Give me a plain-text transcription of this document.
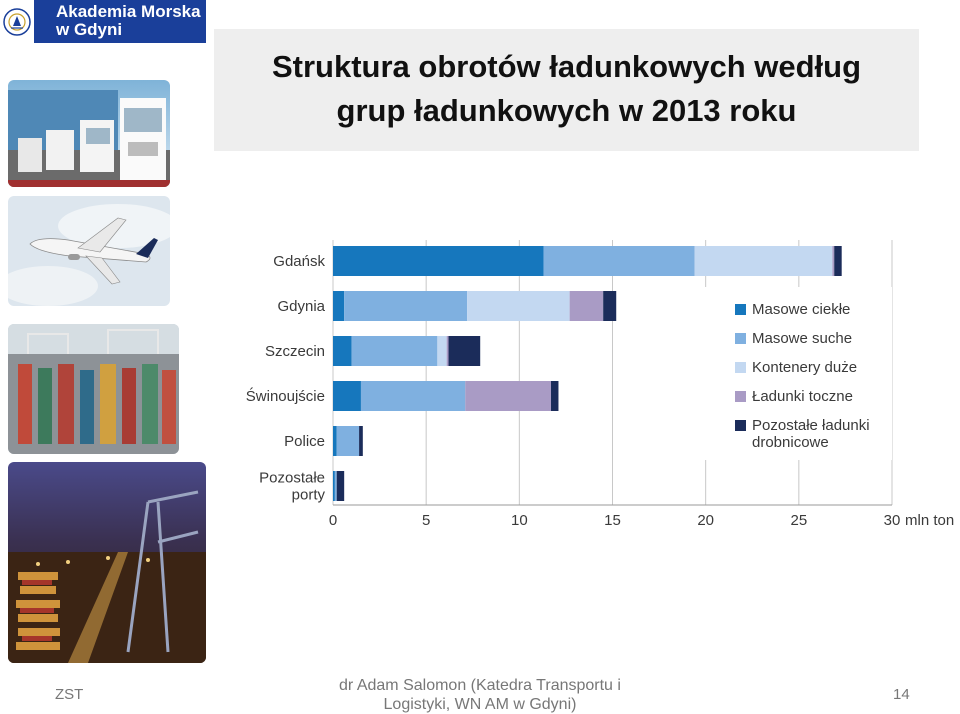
Akademia Morska
w Gdyni
Struktura obrotów ładunkowych według
grup ładunkowych w 2013 roku
Gdańsk
Gdynia
Szczecin
Świnoujście
Police
Pozostałe
porty
0	5	10	15	20	25	30 mln ton
Masowe ciekłe
Masowe suche
Kontenery duże
Ładunki toczne
Pozostałe ładunki
drobnicowe
ZST
dr Adam Salomon (Katedra Transportu i
Logistyki, WN AM w Gdyni)
14
